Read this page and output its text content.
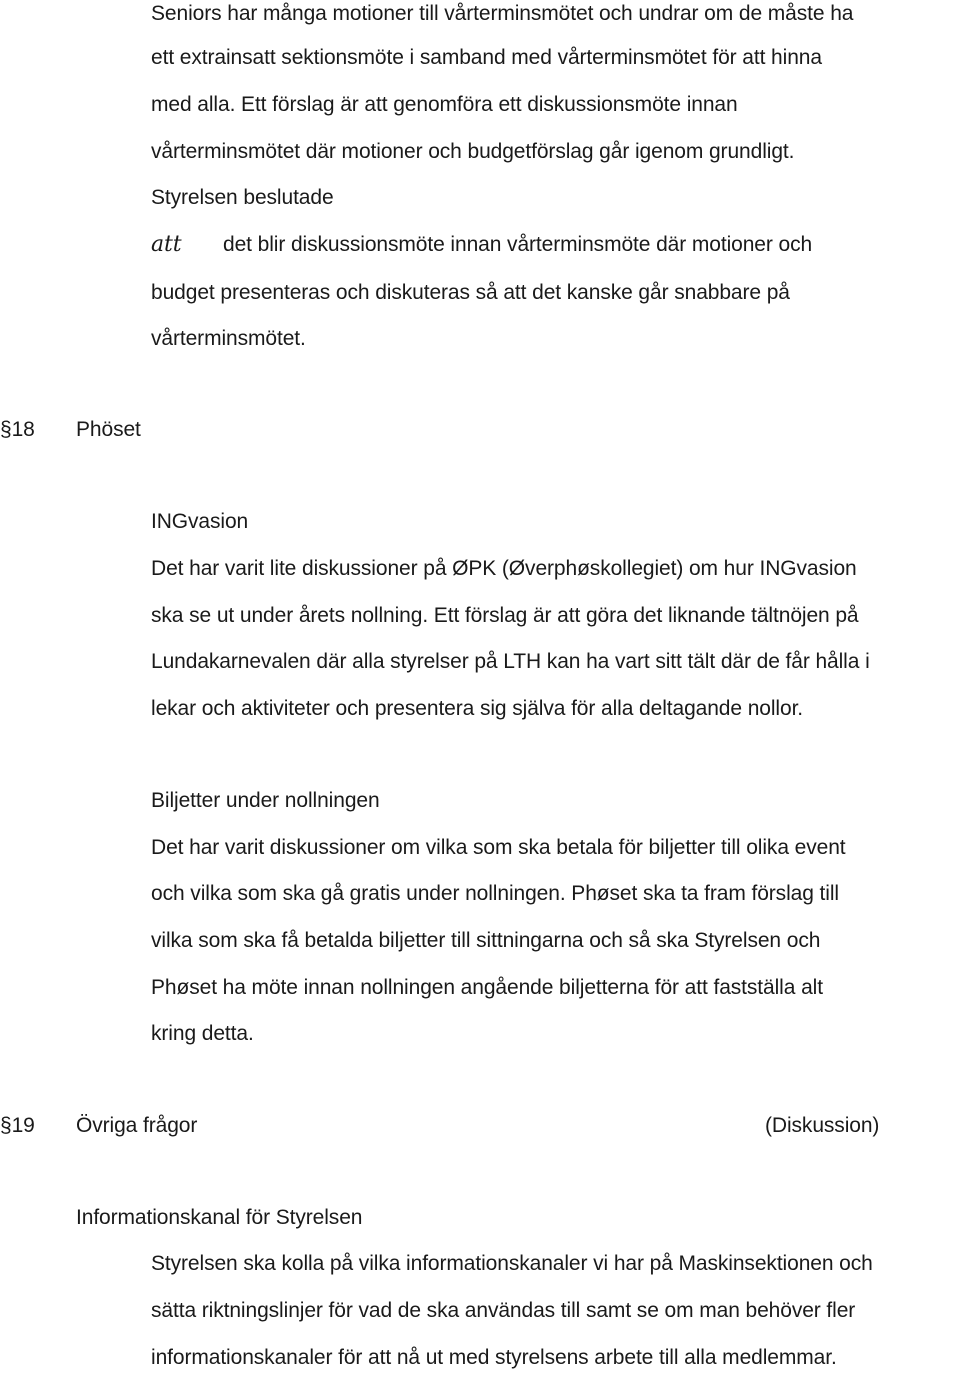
Seniors har många motioner till vårterminsmötet och undrar om de måste ha
ett extrainsatt sektionsmöte i samband med vårterminsmötet för att hinna
med alla. Ett förslag är att genomföra ett diskussionsmöte innan
vårterminsmötet där motioner och budgetförslag går igenom grundligt.
Styrelsen beslutade
att det blir diskussionsmöte innan vårterminsmöte där motioner och
budget presenteras och diskuteras så att det kanske går snabbare på
vårterminsmötet.
§18 Phöset
INGvasion
Det har varit lite diskussioner på ØPK (Øverphøskollegiet) om hur INGvasion
ska se ut under årets nollning. Ett förslag är att göra det liknande tältnöjen på
Lundakarnevalen där alla styrelser på LTH kan ha vart sitt tält där de får hålla i
lekar och aktiviteter och presentera sig själva för alla deltagande nollor.
Biljetter under nollningen
Det har varit diskussioner om vilka som ska betala för biljetter till olika event
och vilka som ska gå gratis under nollningen. Phøset ska ta fram förslag till
vilka som ska få betalda biljetter till sittningarna och så ska Styrelsen och
Phøset ha möte innan nollningen angående biljetterna för att fastställa alt
kring detta.
§19 Övriga frågor	(Diskussion)
Informationskanal för Styrelsen
Styrelsen ska kolla på vilka informationskanaler vi har på Maskinsektionen och
sätta riktningslinjer för vad de ska användas till samt se om man behöver fler
informationskanaler för att nå ut med styrelsens arbete till alla medlemmar.
